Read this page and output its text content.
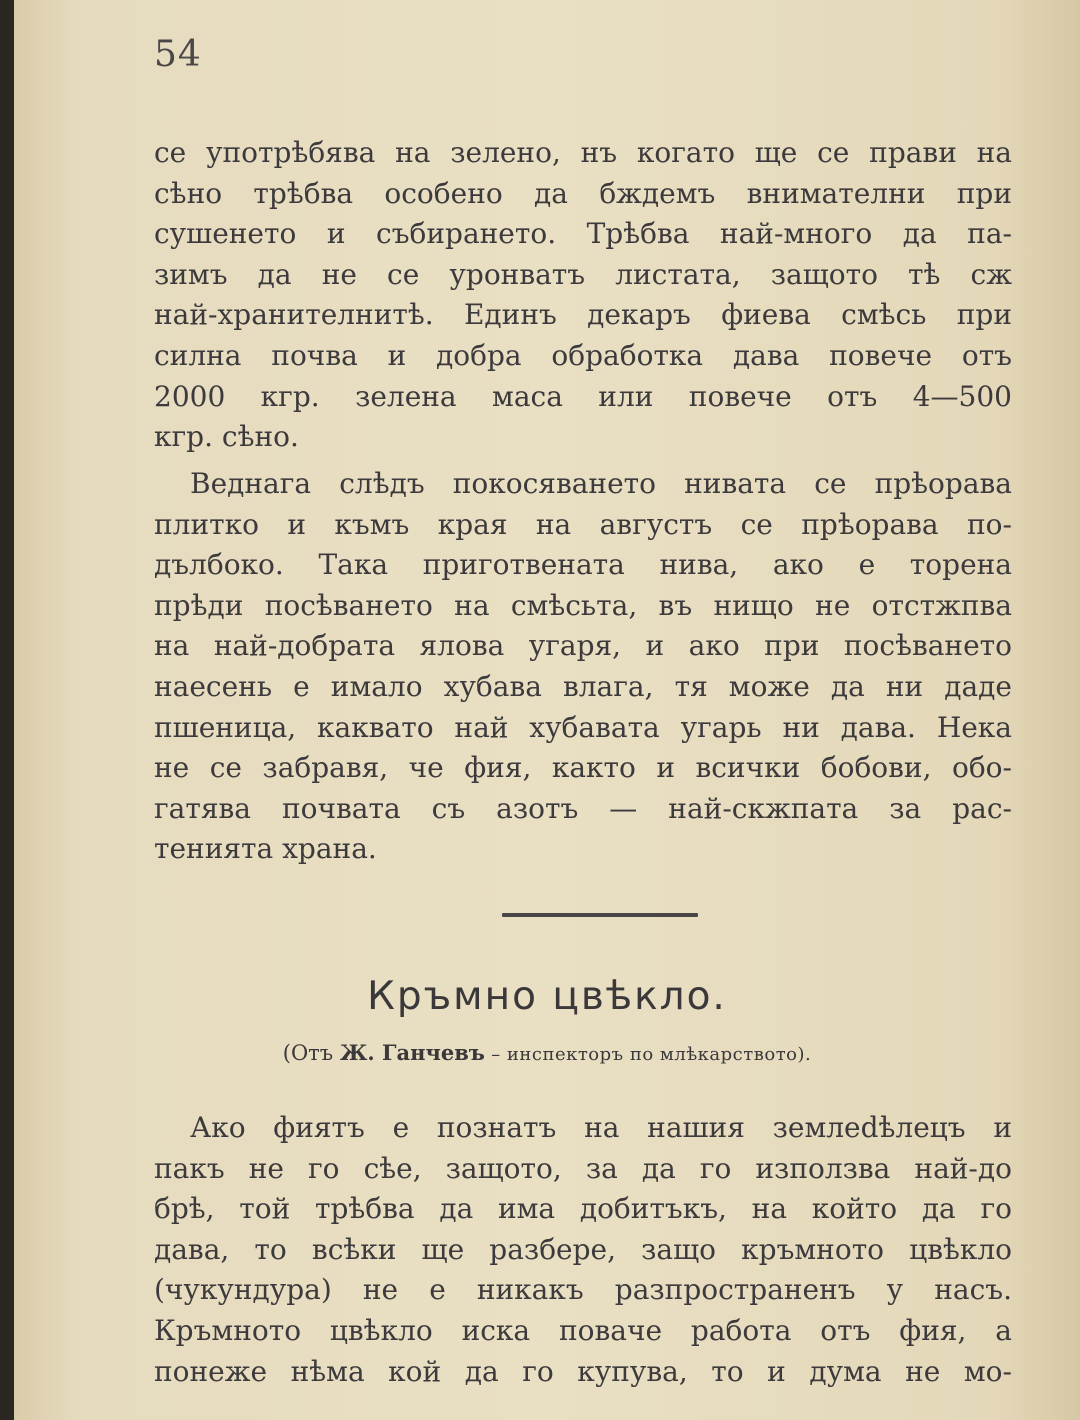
54
се употрѣбява на зелено, нъ когато ще се прави на
сѣно трѣбва особено да бждемъ внимателни при
сушенето и събирането. Трѣбва най-много да па-
зимъ да не се уронватъ листата, защото тѣ сж
най-хранителнитѣ. Единъ декаръ фиева смѣсь при
силна почва и добра обработка дава повече отъ
2000 кгр. зелена маса или повече отъ 4—500
кгр. сѣно.
Веднага слѣдъ покосяването нивата се прѣорава
плитко и къмъ края на августъ се прѣорава по-
дълбоко. Така приготвената нива, ако е торена
прѣди посѣването на смѣсьта, въ нищо не отстжпва
на най-добрата ялова угаря, и ако при посѣването
наесень е имало хубава влага, тя може да ни даде
пшеница, каквато най хубавата угарь ни дава. Нека
не се забравя, че фия, както и всички бобови, обо-
гатява почвата съ азотъ — най-скжпата за рас-
тенията храна.
Кръмно цвѣкло.
(Отъ Ж. Ганчевъ – инспекторъ по млѣкарството).
Ако фиятъ е познатъ на нашия землedѣлецъ и
пакъ не го сѣе, защото, за да го използва най-до
брѣ, той трѣбва да има добитъкъ, на който да го
дава, то всѣки ще разбере, защо кръмното цвѣкло
(чукундура) не е никакъ разпространенъ у насъ.
Кръмното цвѣкло иска поваче работа отъ фия, а
понеже нѣма кой да го купува, то и дума не мо-
